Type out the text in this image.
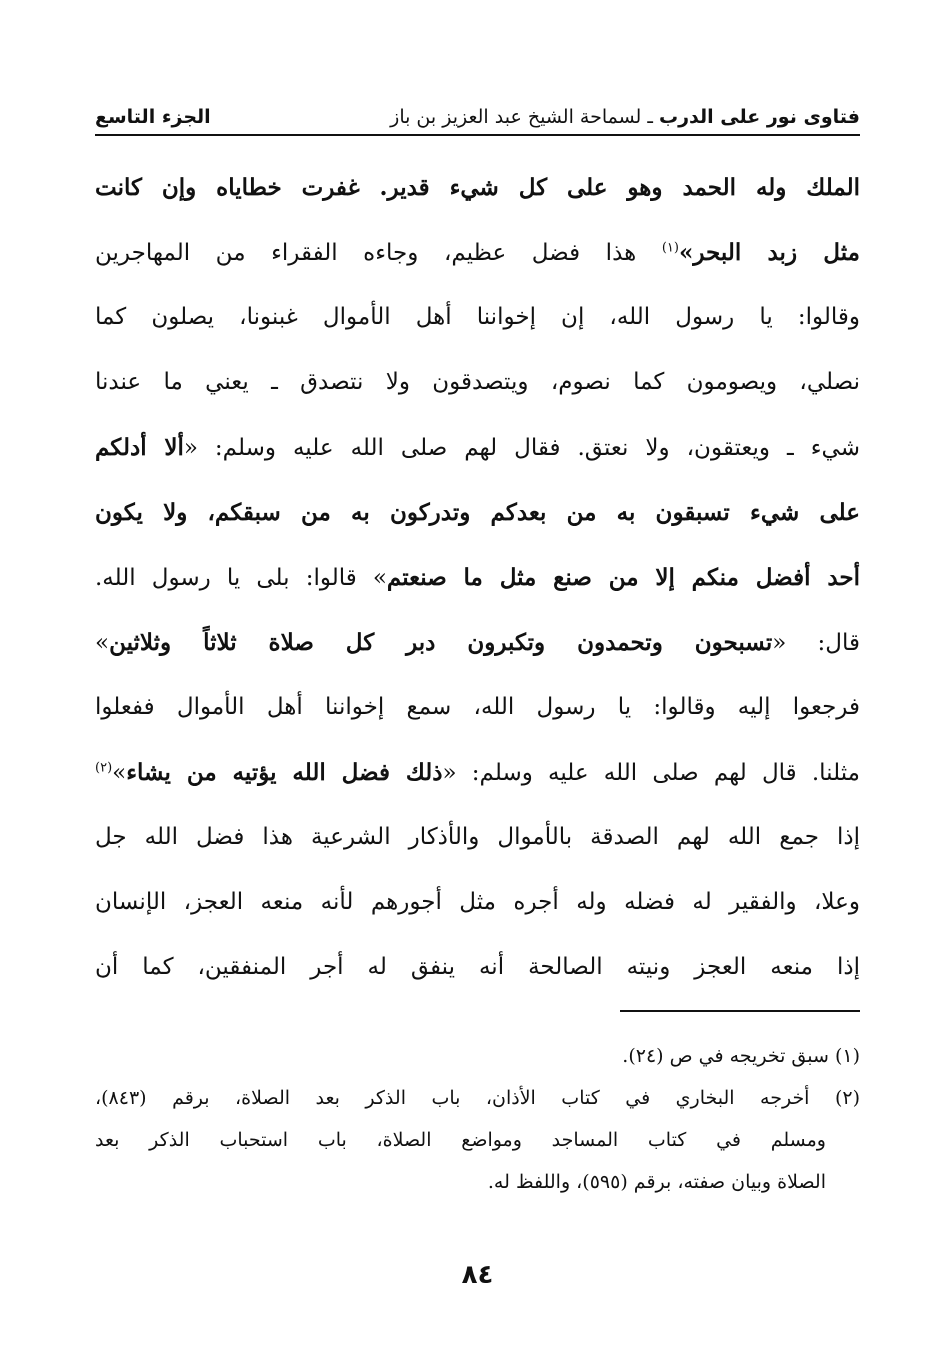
فتاوى نور على الدرب ـ لسماحة الشيخ عبد العزيز بن باز
الجزء التاسع
الملك وله الحمد وهو على كل شيء قدير. غفرت خطاياه وإن كانت
مثل زبد البحر»$^{(١)}$ هذا فضل عظيم، وجاءه الفقراء من المهاجرين
وقالوا: يا رسول الله، إن إخواننا أهل الأموال غبنونا، يصلون كما
نصلي، ويصومون كما نصوم، ويتصدقون ولا نتصدق ـ يعني ما عندنا
شيء ـ ويعتقون، ولا نعتق. فقال لهم صلى الله عليه وسلم: «ألا أدلكم
على شيء تسبقون به من بعدكم وتدركون به من سبقكم، ولا يكون
أحد أفضل منكم إلا من صنع مثل ما صنعتم» قالوا: بلى يا رسول الله.
قال: «تسبحون وتحمدون وتكبرون دبر كل صلاة ثلاثاً وثلاثين»
فرجعوا إليه وقالوا: يا رسول الله، سمع إخواننا أهل الأموال ففعلوا
مثلنا. قال لهم صلى الله عليه وسلم: «ذلك فضل الله يؤتيه من يشاء»$^{(٢)}$
إذا جمع الله لهم الصدقة بالأموال والأذكار الشرعية هذا فضل الله جل
وعلا، والفقير له فضله وله أجره مثل أجورهم لأنه منعه العجز، الإنسان
إذا منعه العجز ونيته الصالحة أنه ينفق له أجر المنفقين، كما أن
(١) سبق تخريجه في ص (٢٤).
(٢) أخرجه البخاري في كتاب الأذان، باب الذكر بعد الصلاة، برقم (٨٤٣)،
ومسلم في كتاب المساجد ومواضع الصلاة، باب استحباب الذكر بعد
الصلاة وبيان صفته، برقم (٥٩٥)، واللفظ له.
٨٤
